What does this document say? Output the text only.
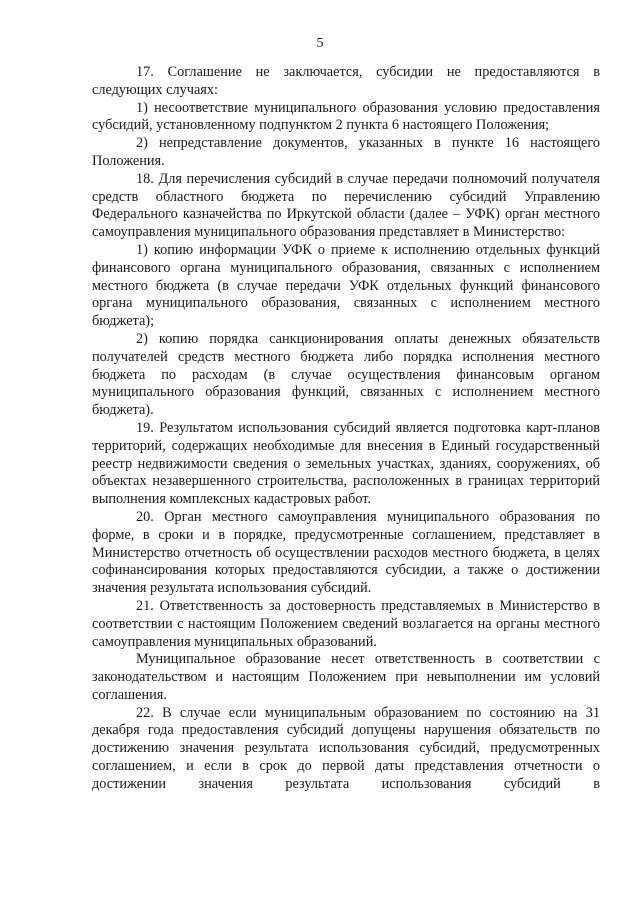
5

17. Соглашение не заключается, субсидии не предоставляются в следующих случаях:

1) несоответствие муниципального образования условию предоставления субсидий, установленному подпунктом 2 пункта 6 настоящего Положения;

2) непредставление документов, указанных в пункте 16 настоящего Положения.

18. Для перечисления субсидий в случае передачи полномочий получателя средств областного бюджета по перечислению субсидий Управлению Федерального казначейства по Иркутской области (далее – УФК) орган местного самоуправления муниципального образования представляет в Министерство:

1) копию информации УФК о приеме к исполнению отдельных функций финансового органа муниципального образования, связанных с исполнением местного бюджета (в случае передачи УФК отдельных функций финансового органа муниципального образования, связанных с исполнением местного бюджета);

2) копию порядка санкционирования оплаты денежных обязательств получателей средств местного бюджета либо порядка исполнения местного бюджета по расходам (в случае осуществления финансовым органом муниципального образования функций, связанных с исполнением местного бюджета).

19. Результатом использования субсидий является подготовка карт-планов территорий, содержащих необходимые для внесения в Единый государственный реестр недвижимости сведения о земельных участках, зданиях, сооружениях, об объектах незавершенного строительства, расположенных в границах территорий выполнения комплексных кадастровых работ.

20. Орган местного самоуправления муниципального образования по форме, в сроки и в порядке, предусмотренные соглашением, представляет в Министерство отчетность об осуществлении расходов местного бюджета, в целях софинансирования которых предоставляются субсидии, а также о достижении значения результата использования субсидий.

21. Ответственность за достоверность представляемых в Министерство в соответствии с настоящим Положением сведений возлагается на органы местного самоуправления муниципальных образований.

Муниципальное образование несет ответственность в соответствии с законодательством и настоящим Положением при невыполнении им условий соглашения.

22. В случае если муниципальным образованием по состоянию на 31 декабря года предоставления субсидий допущены нарушения обязательств по достижению значения результата использования субсидий, предусмотренных соглашением, и если в срок до первой даты представления отчетности о достижении значения результата использования субсидий в
